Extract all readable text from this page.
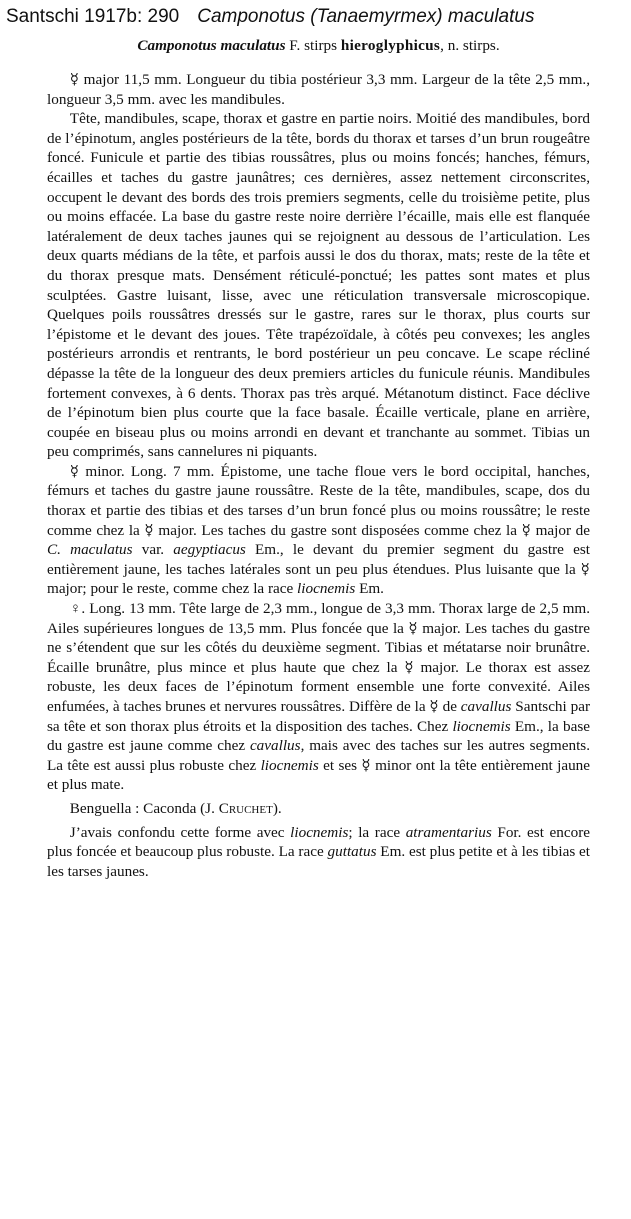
Santschi 1917b: 290 Camponotus (Tanaemyrmex) maculatus

Camponotus maculatus F. stirps hieroglyphicus, n. stirps.

☿ major 11,5 mm. Longueur du tibia postérieur 3,3 mm. Largeur de la tête 2,5 mm., longueur 3,5 mm. avec les mandibules.

Tête, mandibules, scape, thorax et gastre en partie noirs. Moitié des mandibules, bord de l’épinotum, angles postérieurs de la tête, bords du thorax et tarses d’un brun rougeâtre foncé. Funicule et partie des tibias roussâtres, plus ou moins foncés; hanches, fémurs, écailles et taches du gastre jaunâtres; ces dernières, assez nettement circonscrites, occupent le devant des bords des trois premiers segments, celle du troisième petite, plus ou moins effacée. La base du gastre reste noire derrière l’écaille, mais elle est flanquée latéralement de deux taches jaunes qui se rejoignent au dessous de l’articulation. Les deux quarts médians de la tête, et parfois aussi le dos du thorax, mats; reste de la tête et du thorax presque mats. Densément réticulé-ponctué; les pattes sont mates et plus sculptées. Gastre luisant, lisse, avec une réticulation transversale microscopique. Quelques poils roussâtres dressés sur le gastre, rares sur le thorax, plus courts sur l’épistome et le devant des joues. Tête trapézoïdale, à côtés peu convexes; les angles postérieurs arrondis et rentrants, le bord postérieur un peu concave. Le scape récliné dépasse la tête de la longueur des deux premiers articles du funicule réunis. Mandibules fortement convexes, à 6 dents. Thorax pas très arqué. Métanotum distinct. Face déclive de l’épinotum bien plus courte que la face basale. Écaille verticale, plane en arrière, coupée en biseau plus ou moins arrondi en devant et tranchante au sommet. Tibias un peu comprimés, sans cannelures ni piquants.

☿ minor. Long. 7 mm. Épistome, une tache floue vers le bord occipital, hanches, fémurs et taches du gastre jaune roussâtre. Reste de la tête, mandibules, scape, dos du thorax et partie des tibias et des tarses d’un brun foncé plus ou moins roussâtre; le reste comme chez la ☿ major. Les taches du gastre sont disposées comme chez la ☿ major de C. maculatus var. aegyptiacus Em., le devant du premier segment du gastre est entièrement jaune, les taches latérales sont un peu plus étendues. Plus luisante que la ☿ major; pour le reste, comme chez la race liocnemis Em.

♀. Long. 13 mm. Tête large de 2,3 mm., longue de 3,3 mm. Thorax large de 2,5 mm. Ailes supérieures longues de 13,5 mm. Plus foncée que la ☿ major. Les taches du gastre ne s’étendent que sur les côtés du deuxième segment. Tibias et métatarse noir brunâtre. Écaille brunâtre, plus mince et plus haute que chez la ☿ major. Le thorax est assez robuste, les deux faces de l’épinotum forment ensemble une forte convexité. Ailes enfumées, à taches brunes et nervures roussâtres. Diffère de la ☿ de cavallus Santschi par sa tête et son thorax plus étroits et la disposition des taches. Chez liocnemis Em., la base du gastre est jaune comme chez cavallus, mais avec des taches sur les autres segments. La tête est aussi plus robuste chez liocnemis et ses ☿ minor ont la tête entièrement jaune et plus mate.

Benguella : Caconda (J. Cruchet).

J’avais confondu cette forme avec liocnemis; la race atramentarius For. est encore plus foncée et beaucoup plus robuste. La race guttatus Em. est plus petite et à les tibias et les tarses jaunes.
